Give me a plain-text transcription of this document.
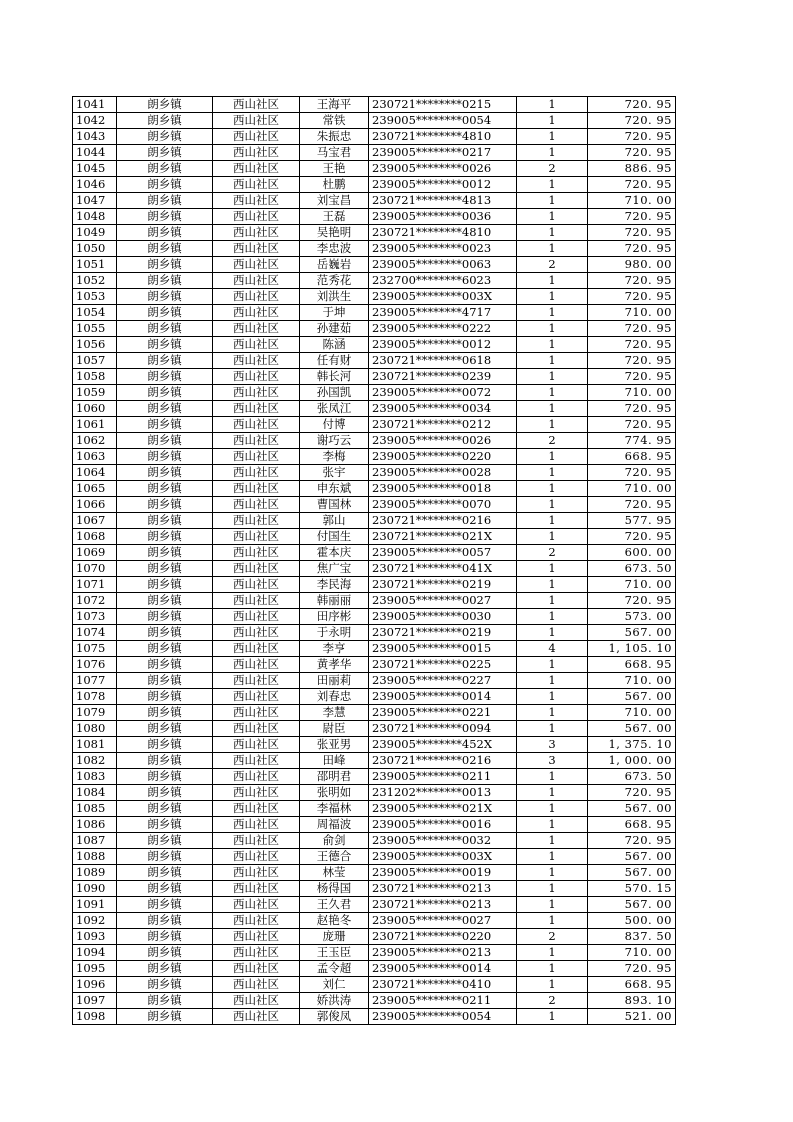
1041	朗乡镇	西山社区	王海平	230721********0215	1	720. 95
1042	朗乡镇	西山社区	常铁	239005********0054	1	720. 95
1043	朗乡镇	西山社区	朱振忠	230721********4810	1	720. 95
1044	朗乡镇	西山社区	马宝君	239005********0217	1	720. 95
1045	朗乡镇	西山社区	王艳	239005********0026	2	886. 95
1046	朗乡镇	西山社区	杜鹏	239005********0012	1	720. 95
1047	朗乡镇	西山社区	刘宝昌	230721********4813	1	710. 00
1048	朗乡镇	西山社区	王磊	239005********0036	1	720. 95
1049	朗乡镇	西山社区	吴艳明	230721********4810	1	720. 95
1050	朗乡镇	西山社区	李忠波	239005********0023	1	720. 95
1051	朗乡镇	西山社区	岳巍岩	239005********0063	2	980. 00
1052	朗乡镇	西山社区	范秀花	232700********6023	1	720. 95
1053	朗乡镇	西山社区	刘洪生	239005********003X	1	720. 95
1054	朗乡镇	西山社区	于坤	239005********4717	1	710. 00
1055	朗乡镇	西山社区	孙建茹	239005********0222	1	720. 95
1056	朗乡镇	西山社区	陈涵	239005********0012	1	720. 95
1057	朗乡镇	西山社区	任有财	230721********0618	1	720. 95
1058	朗乡镇	西山社区	韩长河	230721********0239	1	720. 95
1059	朗乡镇	西山社区	孙国凯	239005********0072	1	710. 00
1060	朗乡镇	西山社区	张凤江	239005********0034	1	720. 95
1061	朗乡镇	西山社区	付博	230721********0212	1	720. 95
1062	朗乡镇	西山社区	谢巧云	239005********0026	2	774. 95
1063	朗乡镇	西山社区	李梅	239005********0220	1	668. 95
1064	朗乡镇	西山社区	张宇	239005********0028	1	720. 95
1065	朗乡镇	西山社区	申东斌	239005********0018	1	710. 00
1066	朗乡镇	西山社区	曹国林	239005********0070	1	720. 95
1067	朗乡镇	西山社区	郭山	230721********0216	1	577. 95
1068	朗乡镇	西山社区	付国生	230721********021X	1	720. 95
1069	朗乡镇	西山社区	霍本庆	239005********0057	2	600. 00
1070	朗乡镇	西山社区	焦广宝	230721********041X	1	673. 50
1071	朗乡镇	西山社区	李民海	230721********0219	1	710. 00
1072	朗乡镇	西山社区	韩丽丽	239005********0027	1	720. 95
1073	朗乡镇	西山社区	田序彬	239005********0030	1	573. 00
1074	朗乡镇	西山社区	于永明	230721********0219	1	567. 00
1075	朗乡镇	西山社区	李亨	239005********0015	4	1, 105. 10
1076	朗乡镇	西山社区	黄孝华	230721********0225	1	668. 95
1077	朗乡镇	西山社区	田丽莉	239005********0227	1	710. 00
1078	朗乡镇	西山社区	刘春忠	239005********0014	1	567. 00
1079	朗乡镇	西山社区	李慧	239005********0221	1	710. 00
1080	朗乡镇	西山社区	尉臣	230721********0094	1	567. 00
1081	朗乡镇	西山社区	张亚男	239005********452X	3	1, 375. 10
1082	朗乡镇	西山社区	田峰	230721********0216	3	1, 000. 00
1083	朗乡镇	西山社区	邵明君	239005********0211	1	673. 50
1084	朗乡镇	西山社区	张明如	231202********0013	1	720. 95
1085	朗乡镇	西山社区	李福林	239005********021X	1	567. 00
1086	朗乡镇	西山社区	周福波	239005********0016	1	668. 95
1087	朗乡镇	西山社区	俞剑	239005********0032	1	720. 95
1088	朗乡镇	西山社区	王德合	239005********003X	1	567. 00
1089	朗乡镇	西山社区	林莹	239005********0019	1	567. 00
1090	朗乡镇	西山社区	杨得国	230721********0213	1	570. 15
1091	朗乡镇	西山社区	王久君	230721********0213	1	567. 00
1092	朗乡镇	西山社区	赵艳冬	239005********0027	1	500. 00
1093	朗乡镇	西山社区	庞珊	230721********0220	2	837. 50
1094	朗乡镇	西山社区	王玉臣	239005********0213	1	710. 00
1095	朗乡镇	西山社区	孟令超	239005********0014	1	720. 95
1096	朗乡镇	西山社区	刘仁	230721********0410	1	668. 95
1097	朗乡镇	西山社区	娇洪涛	239005********0211	2	893. 10
1098	朗乡镇	西山社区	郭俊凤	239005********0054	1	521. 00
